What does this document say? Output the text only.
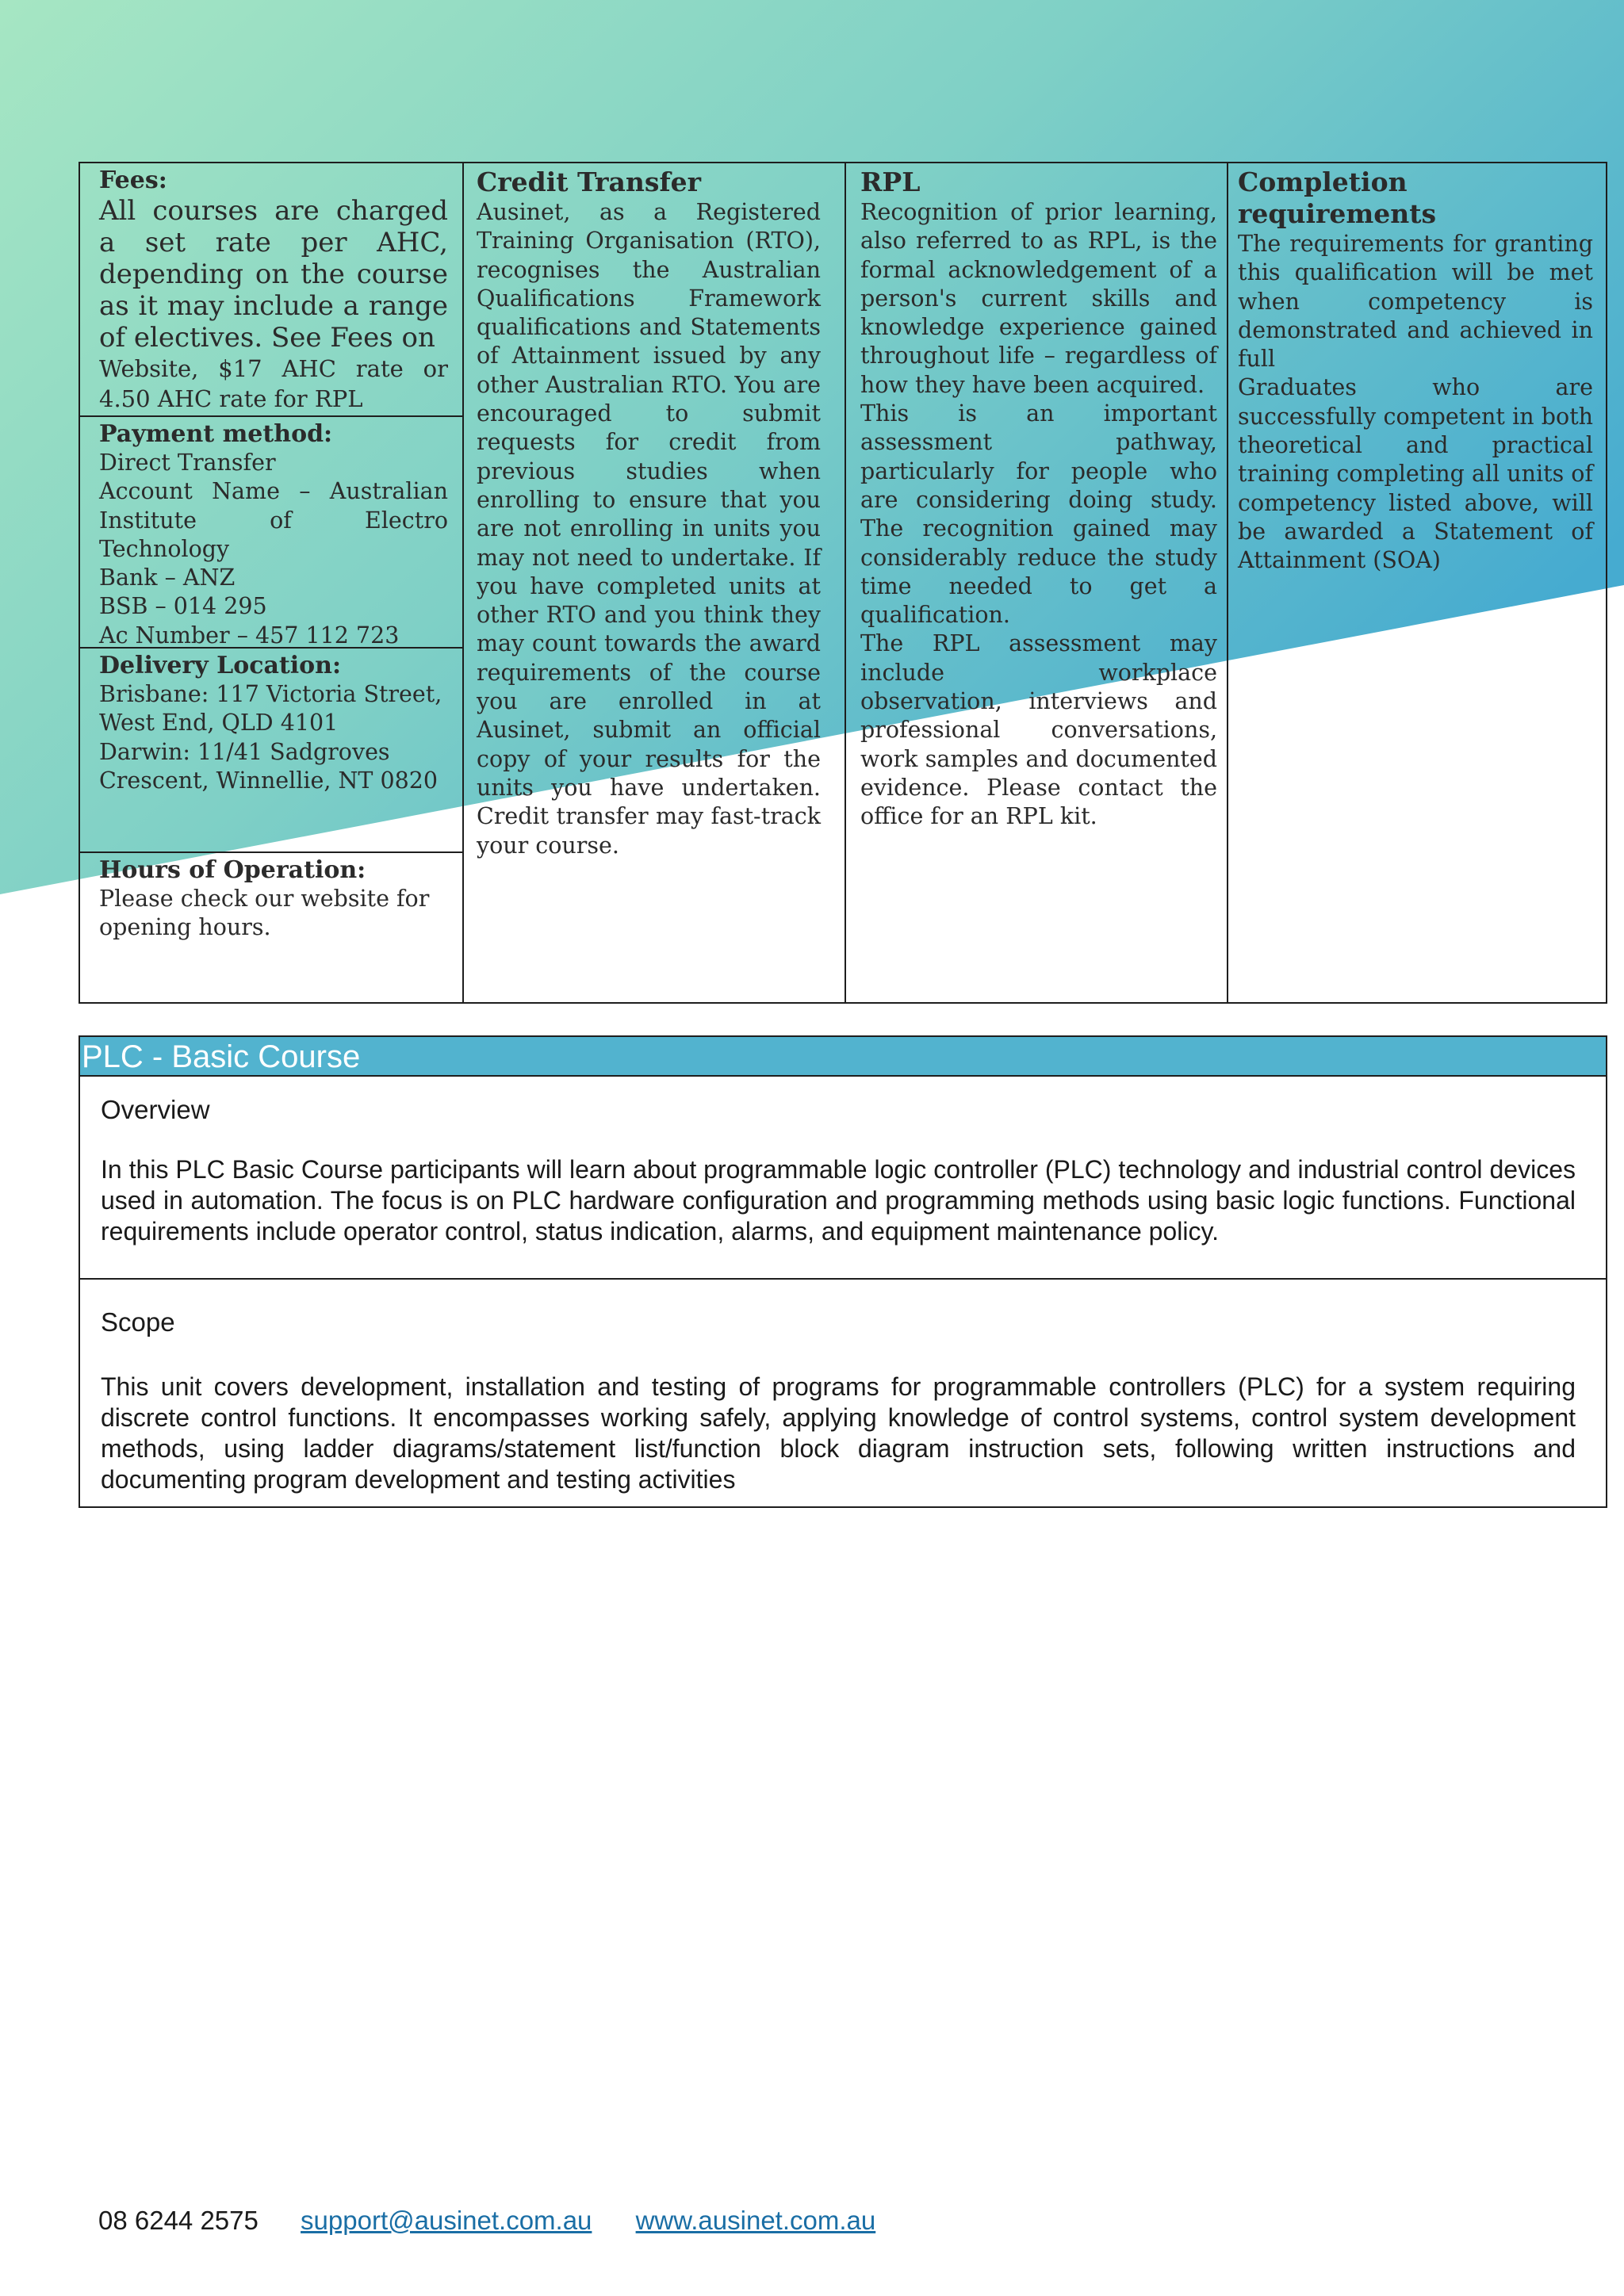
Fees:

All courses are charged a set rate per AHC, depending on the course as it may include a range of electives. See Fees on

Website, $17 AHC rate or 4.50 AHC rate for RPL

Payment method:

Direct Transfer

Account Name – Australian Institute of Electro Technology

Bank – ANZ

BSB – 014 295

Ac Number – 457 112 723

Delivery Location:

Brisbane: 117 Victoria Street, West End, QLD 4101

Darwin: 11/41 Sadgroves Crescent, Winnellie, NT 0820

Hours of Operation:

Please check our website for opening hours.

Credit Transfer

Ausinet, as a Registered Training Organisation (RTO), recognises the Australian Qualifications Framework qualifications and Statements of Attainment issued by any other Australian RTO. You are encouraged to submit requests for credit from previous studies when enrolling to ensure that you are not enrolling in units you may not need to undertake. If you have completed units at other RTO and you think they may count towards the award requirements of the course you are enrolled in at Ausinet, submit an official copy of your results for the units you have undertaken. Credit transfer may fast-track your course.

RPL

Recognition of prior learning, also referred to as RPL, is the formal acknowledgement of a person's current skills and knowledge experience gained throughout life – regardless of how they have been acquired.

This is an important assessment pathway, particularly for people who are considering doing study. The recognition gained may considerably reduce the study time needed to get a qualification.

The RPL assessment may include workplace observation, interviews and professional conversations, work samples and documented evidence. Please contact the office for an RPL kit.

Completion requirements

The requirements for granting this qualification will be met when competency is demonstrated and achieved in full

Graduates who are successfully competent in both theoretical and practical training completing all units of competency listed above, will be awarded a Statement of Attainment (SOA)

PLC - Basic Course

Overview

In this PLC Basic Course participants will learn about programmable logic controller (PLC) technology and industrial control devices used in automation. The focus is on PLC hardware configuration and programming methods using basic logic functions. Functional requirements include operator control, status indication, alarms, and equipment maintenance policy.

Scope

This unit covers development, installation and testing of programs for programmable controllers (PLC) for a system requiring discrete control functions. It encompasses working safely, applying knowledge of control systems, control system development methods, using ladder diagrams/statement list/function block diagram instruction sets, following written instructions and documenting program development and testing activities

08 6244 2575 support@ausinet.com.au www.ausinet.com.au
